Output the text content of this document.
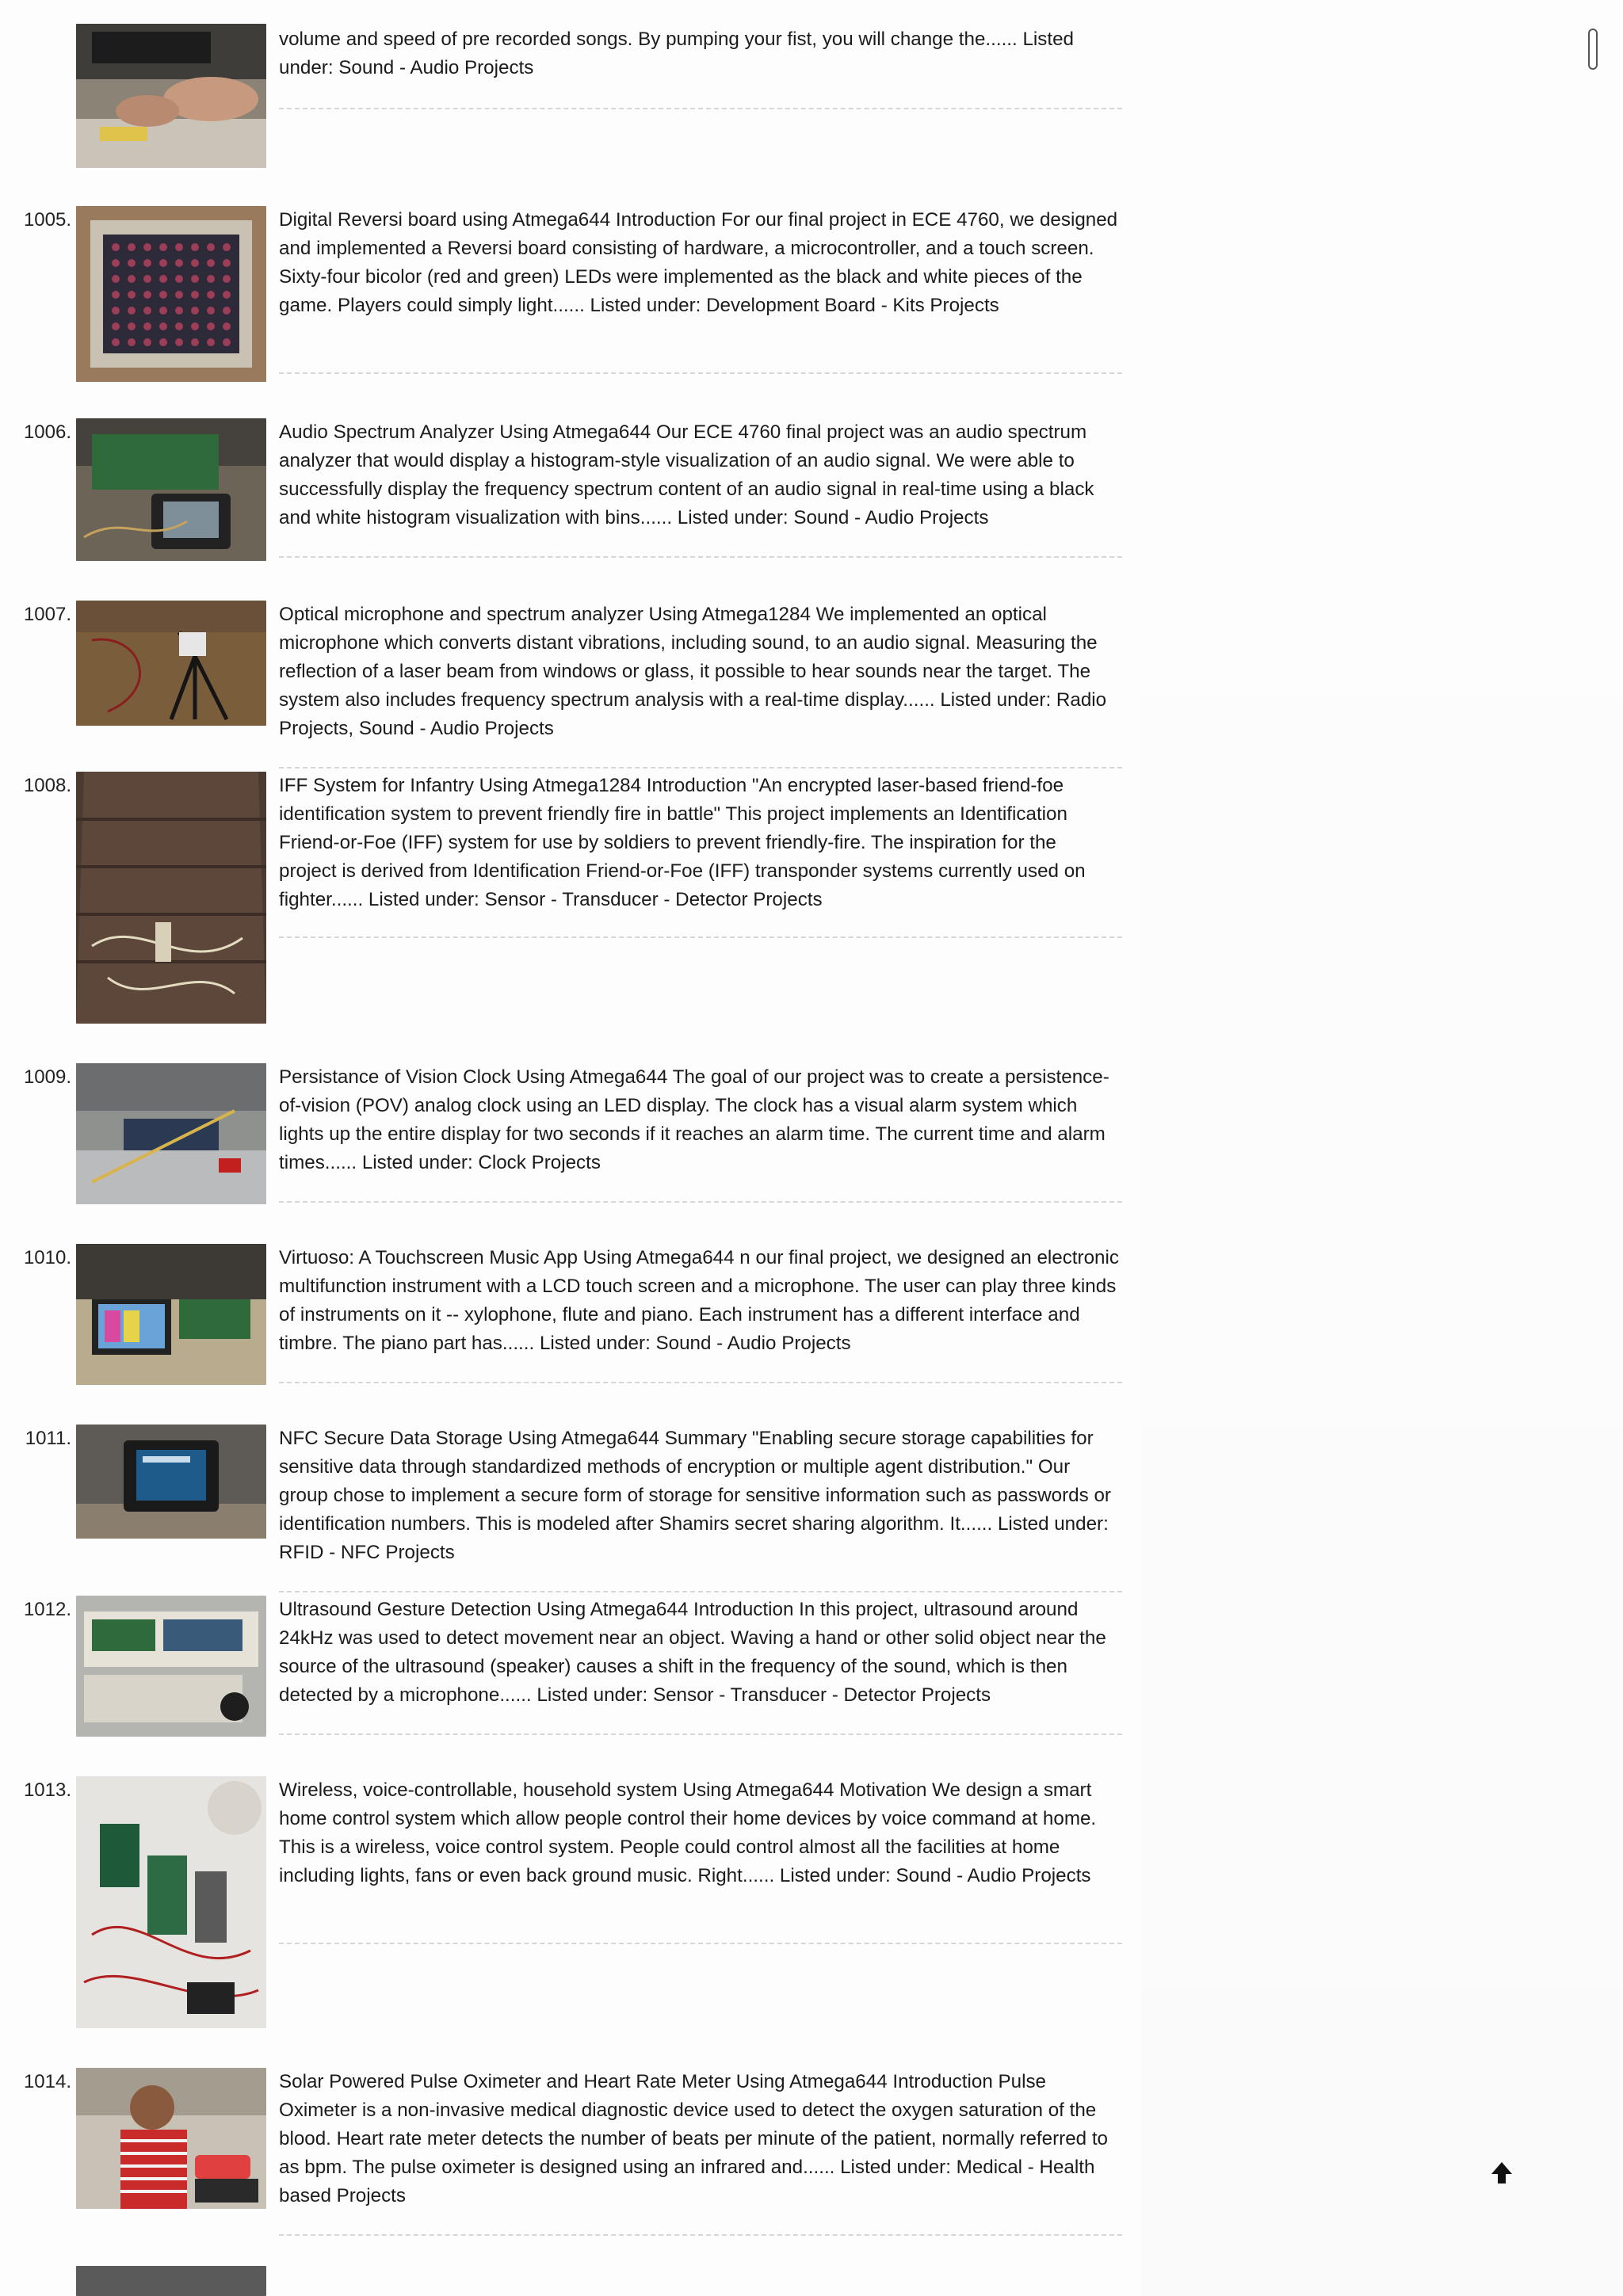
volume and speed of pre recorded songs. By pumping your fist, you will change the...... Listed under: Sound - Audio Projects

1005.	Digital Reversi board using Atmega644 Introduction For our final project in ECE 4760, we designed and implemented a Reversi board consisting of hardware, a microcontroller, and a touch screen. Sixty-four bicolor (red and green) LEDs were implemented as the black and white pieces of the game. Players could simply light...... Listed under: Development Board - Kits Projects

1006.	Audio Spectrum Analyzer Using Atmega644 Our ECE 4760 final project was an audio spectrum analyzer that would display a histogram-style visualization of an audio signal. We were able to successfully display the frequency spectrum content of an audio signal in real-time using a black and white histogram visualization with bins...... Listed under: Sound - Audio Projects

1007.	Optical microphone and spectrum analyzer Using Atmega1284 We implemented an optical microphone which converts distant vibrations, including sound, to an audio signal. Measuring the reflection of a laser beam from windows or glass, it possible to hear sounds near the target. The system also includes frequency spectrum analysis with a real-time display...... Listed under: Radio Projects, Sound - Audio Projects

1008.	IFF System for Infantry Using Atmega1284 Introduction "An encrypted laser-based friend-foe identification system to prevent friendly fire in battle" This project implements an Identification Friend-or-Foe (IFF) system for use by soldiers to prevent friendly-fire. The inspiration for the project is derived from Identification Friend-or-Foe (IFF) transponder systems currently used on fighter...... Listed under: Sensor - Transducer - Detector Projects

1009.	Persistance of Vision Clock Using Atmega644 The goal of our project was to create a persistence-of-vision (POV) analog clock using an LED display. The clock has a visual alarm system which lights up the entire display for two seconds if it reaches an alarm time. The current time and alarm times...... Listed under: Clock Projects

1010.	Virtuoso: A Touchscreen Music App Using Atmega644 n our final project, we designed an electronic multifunction instrument with a LCD touch screen and a microphone. The user can play three kinds of instruments on it -- xylophone, flute and piano. Each instrument has a different interface and timbre. The piano part has...... Listed under: Sound - Audio Projects

1011.	NFC Secure Data Storage Using Atmega644 Summary "Enabling secure storage capabilities for sensitive data through standardized methods of encryption or multiple agent distribution." Our group chose to implement a secure form of storage for sensitive information such as passwords or identification numbers. This is modeled after Shamirs secret sharing algorithm. It...... Listed under: RFID - NFC Projects

1012.	Ultrasound Gesture Detection Using Atmega644 Introduction In this project, ultrasound around 24kHz was used to detect movement near an object. Waving a hand or other solid object near the source of the ultrasound (speaker) causes a shift in the frequency of the sound, which is then detected by a microphone...... Listed under: Sensor - Transducer - Detector Projects

1013.	Wireless, voice-controllable, household system Using Atmega644 Motivation We design a smart home control system which allow people control their home devices by voice command at home. This is a wireless, voice control system. People could control almost all the facilities at home including lights, fans or even back ground music. Right...... Listed under: Sound - Audio Projects

1014.	Solar Powered Pulse Oximeter and Heart Rate Meter Using Atmega644 Introduction Pulse Oximeter is a non-invasive medical diagnostic device used to detect the oxygen saturation of the blood. Heart rate meter detects the number of beats per minute of the patient, normally referred to as bpm. The pulse oximeter is designed using an infrared and...... Listed under: Medical - Health based Projects
